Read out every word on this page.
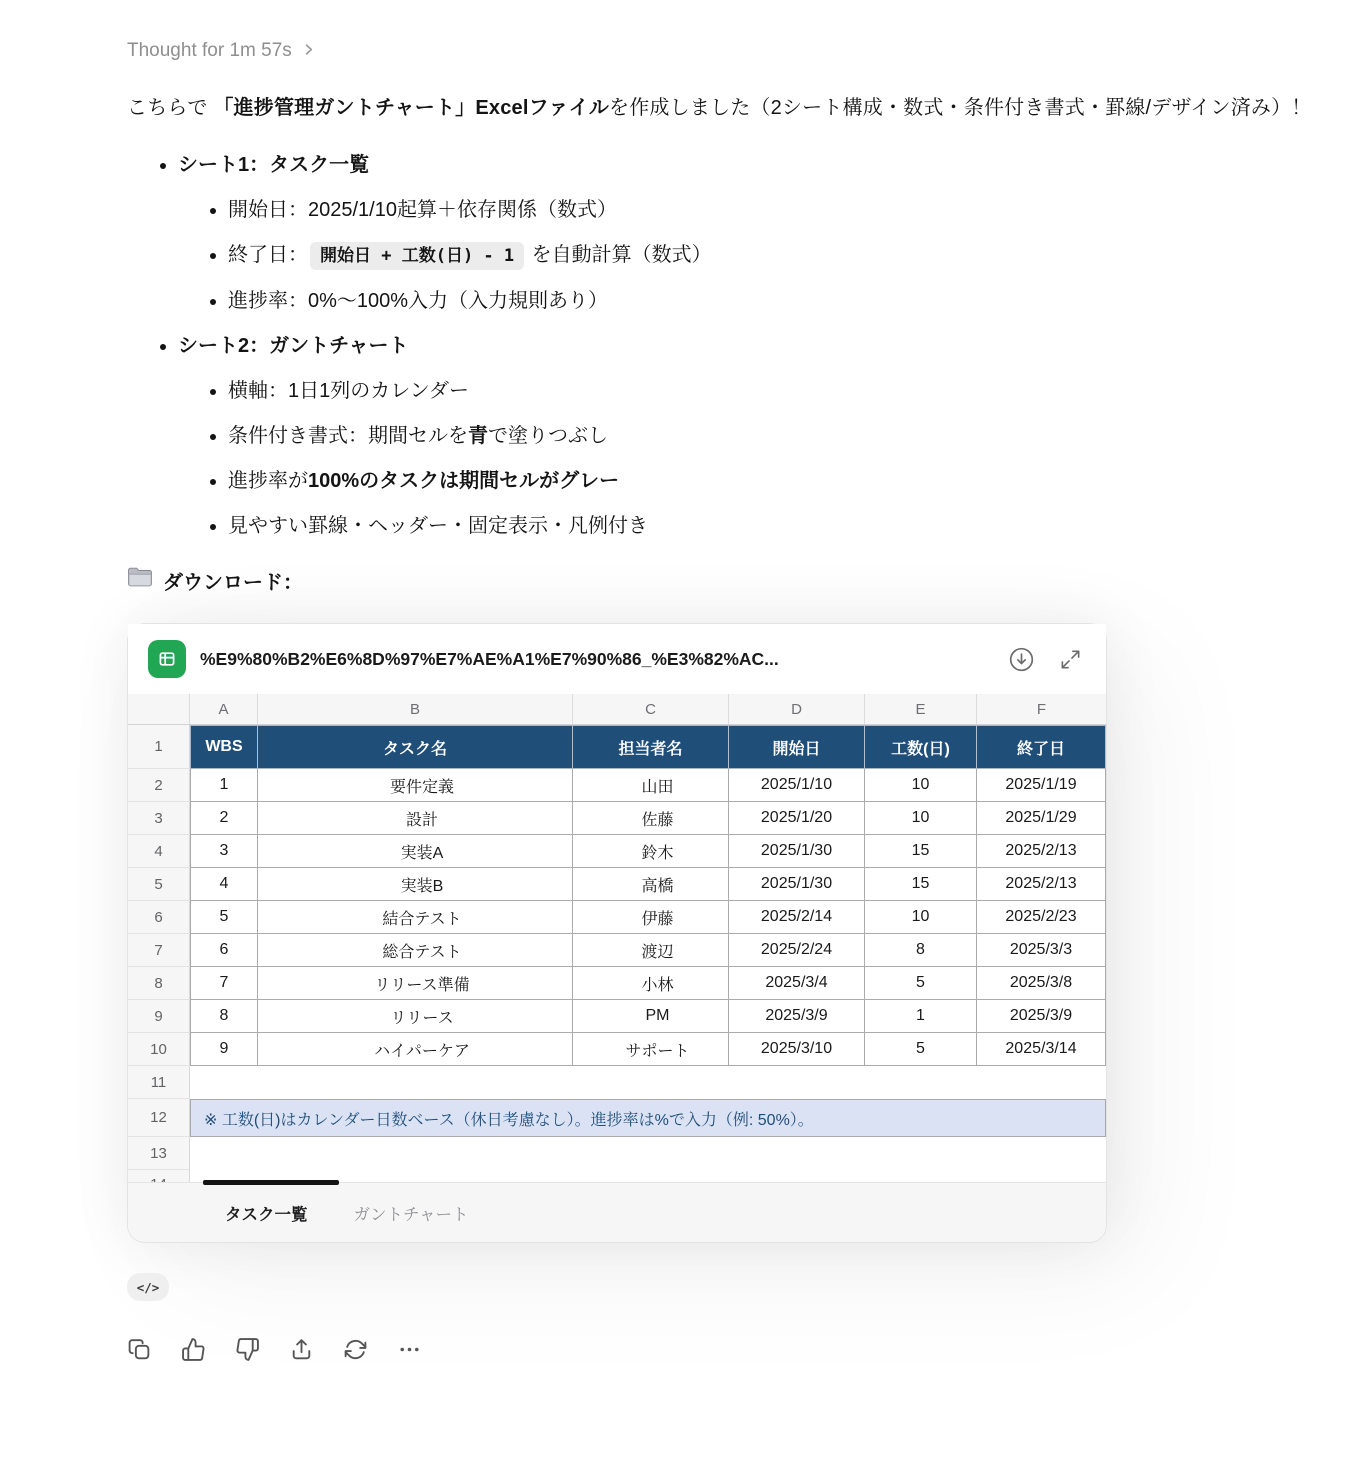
Thought for 1m 57s

こちらで 「進捗管理ガントチャート」Excelファイルを作成しました（2シート構成・数式・条件付き書式・罫線/デザイン済み）！

• シート1：タスク一覧
• 開始日：2025/1/10起算＋依存関係（数式）
• 終了日： 開始日 + 工数(日) - 1 を自動計算（数式）
• 進捗率：0%〜100%入力（入力規則あり）
• シート2：ガントチャート
• 横軸：1日1列のカレンダー
• 条件付き書式：期間セルを青で塗りつぶし
• 進捗率が100%のタスクは期間セルがグレー
• 見やすい罫線・ヘッダー・固定表示・凡例付き
ダウンロード：
%E9%80%B2%E6%8D%97%E7%AE%A1%E7%90%86_%E3%82%AC...
A	B	C	D	E	F
1	WBS	タスク名	担当者名	開始日	工数(日)	終了日
2	1	要件定義	山田	2025/1/10	10	2025/1/19
3	2	設計	佐藤	2025/1/20	10	2025/1/29
4	3	実装A	鈴木	2025/1/30	15	2025/2/13
5	4	実装B	高橋	2025/1/30	15	2025/2/13
6	5	結合テスト	伊藤	2025/2/14	10	2025/2/23
7	6	総合テスト	渡辺	2025/2/24	8	2025/3/3
8	7	リリース準備	小林	2025/3/4	5	2025/3/8
9	8	リリース	PM	2025/3/9	1	2025/3/9
10	9	ハイパーケア	サポート	2025/3/10	5	2025/3/14
11
12	※ 工数(日)はカレンダー日数ベース（休日考慮なし）。進捗率は%で入力（例: 50%）。
13
タスク一覧	ガントチャート
</>
